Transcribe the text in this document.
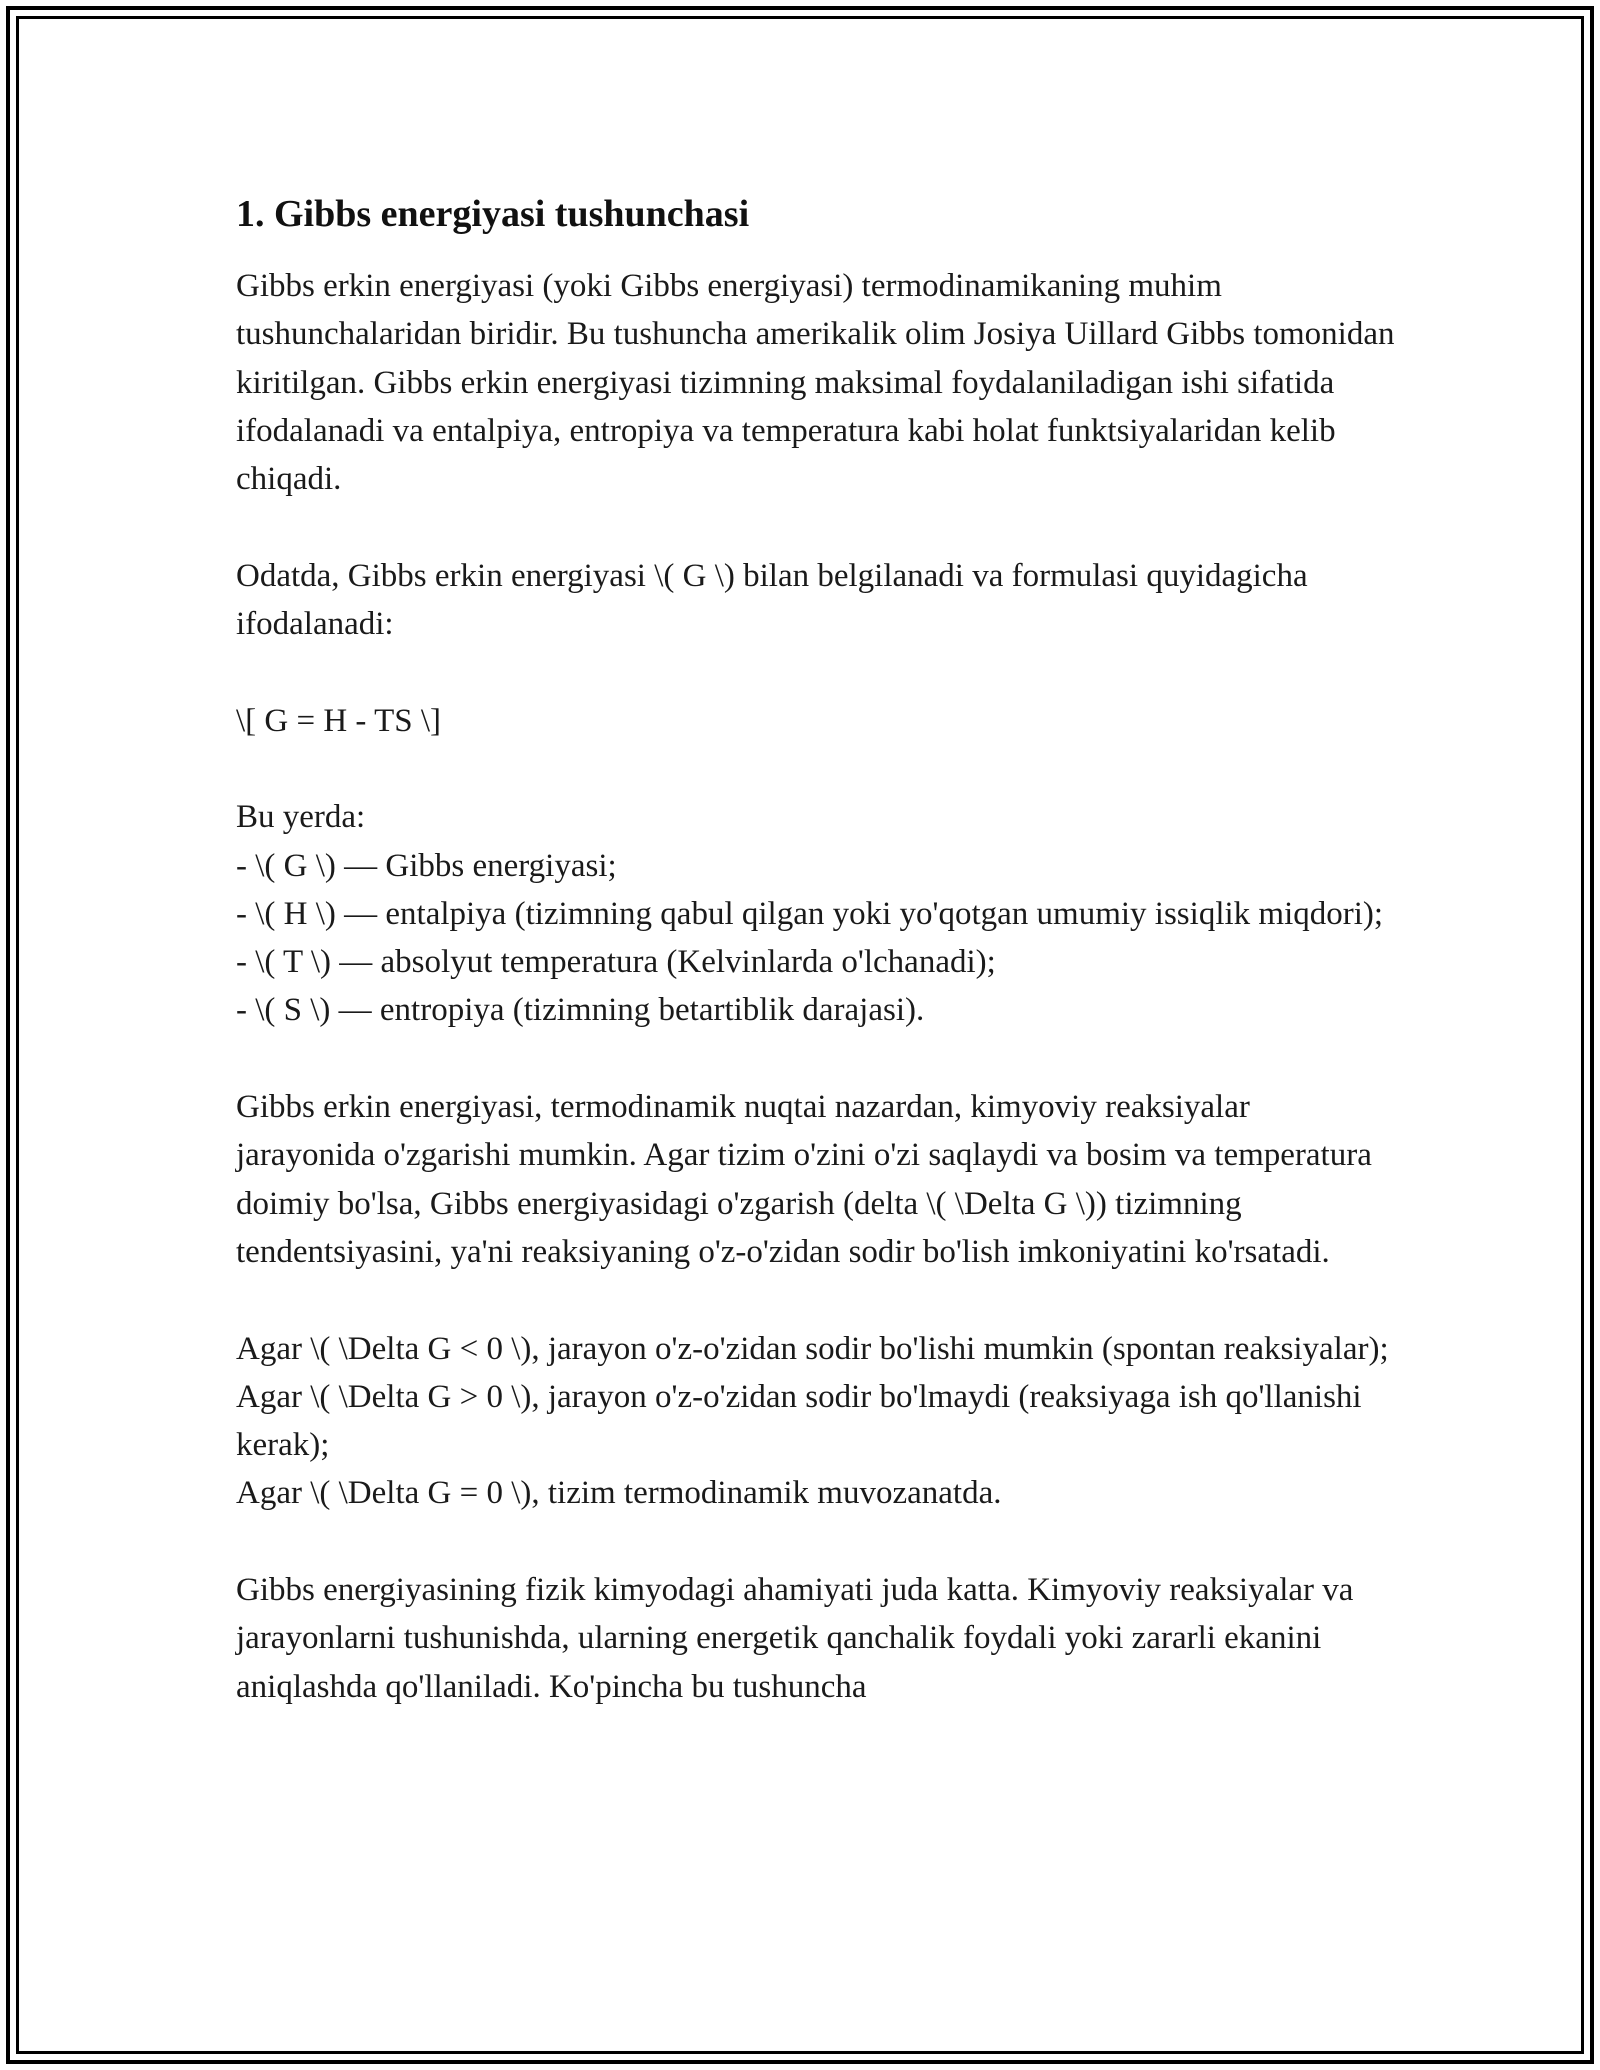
1. Gibbs energiyasi tushunchasi

Gibbs erkin energiyasi (yoki Gibbs energiyasi) termodinamikaning muhim tushunchalaridan biridir. Bu tushuncha amerikalik olim Josiya Uillard Gibbs tomonidan kiritilgan. Gibbs erkin energiyasi tizimning maksimal foydalaniladigan ishi sifatida ifodalanadi va entalpiya, entropiya va temperatura kabi holat funktsiyalaridan kelib chiqadi.

Odatda, Gibbs erkin energiyasi \( G \) bilan belgilanadi va formulasi quyidagicha ifodalanadi:

\[ G = H - TS \]

Bu yerda:
- \( G \) — Gibbs energiyasi;
- \( H \) — entalpiya (tizimning qabul qilgan yoki yo'qotgan umumiy issiqlik miqdori);
- \( T \) — absolyut temperatura (Kelvinlarda o'lchanadi);
- \( S \) — entropiya (tizimning betartiblik darajasi).

Gibbs erkin energiyasi, termodinamik nuqtai nazardan, kimyoviy reaksiyalar jarayonida o'zgarishi mumkin. Agar tizim o'zini o'zi saqlaydi va bosim va temperatura doimiy bo'lsa, Gibbs energiyasidagi o'zgarish (delta \( \Delta G \)) tizimning tendentsiyasini, ya'ni reaksiyaning o'z-o'zidan sodir bo'lish imkoniyatini ko'rsatadi.

Agar \( \Delta G < 0 \), jarayon o'z-o'zidan sodir bo'lishi mumkin (spontan reaksiyalar);
Agar \( \Delta G > 0 \), jarayon o'z-o'zidan sodir bo'lmaydi (reaksiyaga ish qo'llanishi kerak);
Agar \( \Delta G = 0 \), tizim termodinamik muvozanatda.

Gibbs energiyasining fizik kimyodagi ahamiyati juda katta. Kimyoviy reaksiyalar va jarayonlarni tushunishda, ularning energetik qanchalik foydali yoki zararli ekanini aniqlashda qo'llaniladi. Ko'pincha bu tushuncha
